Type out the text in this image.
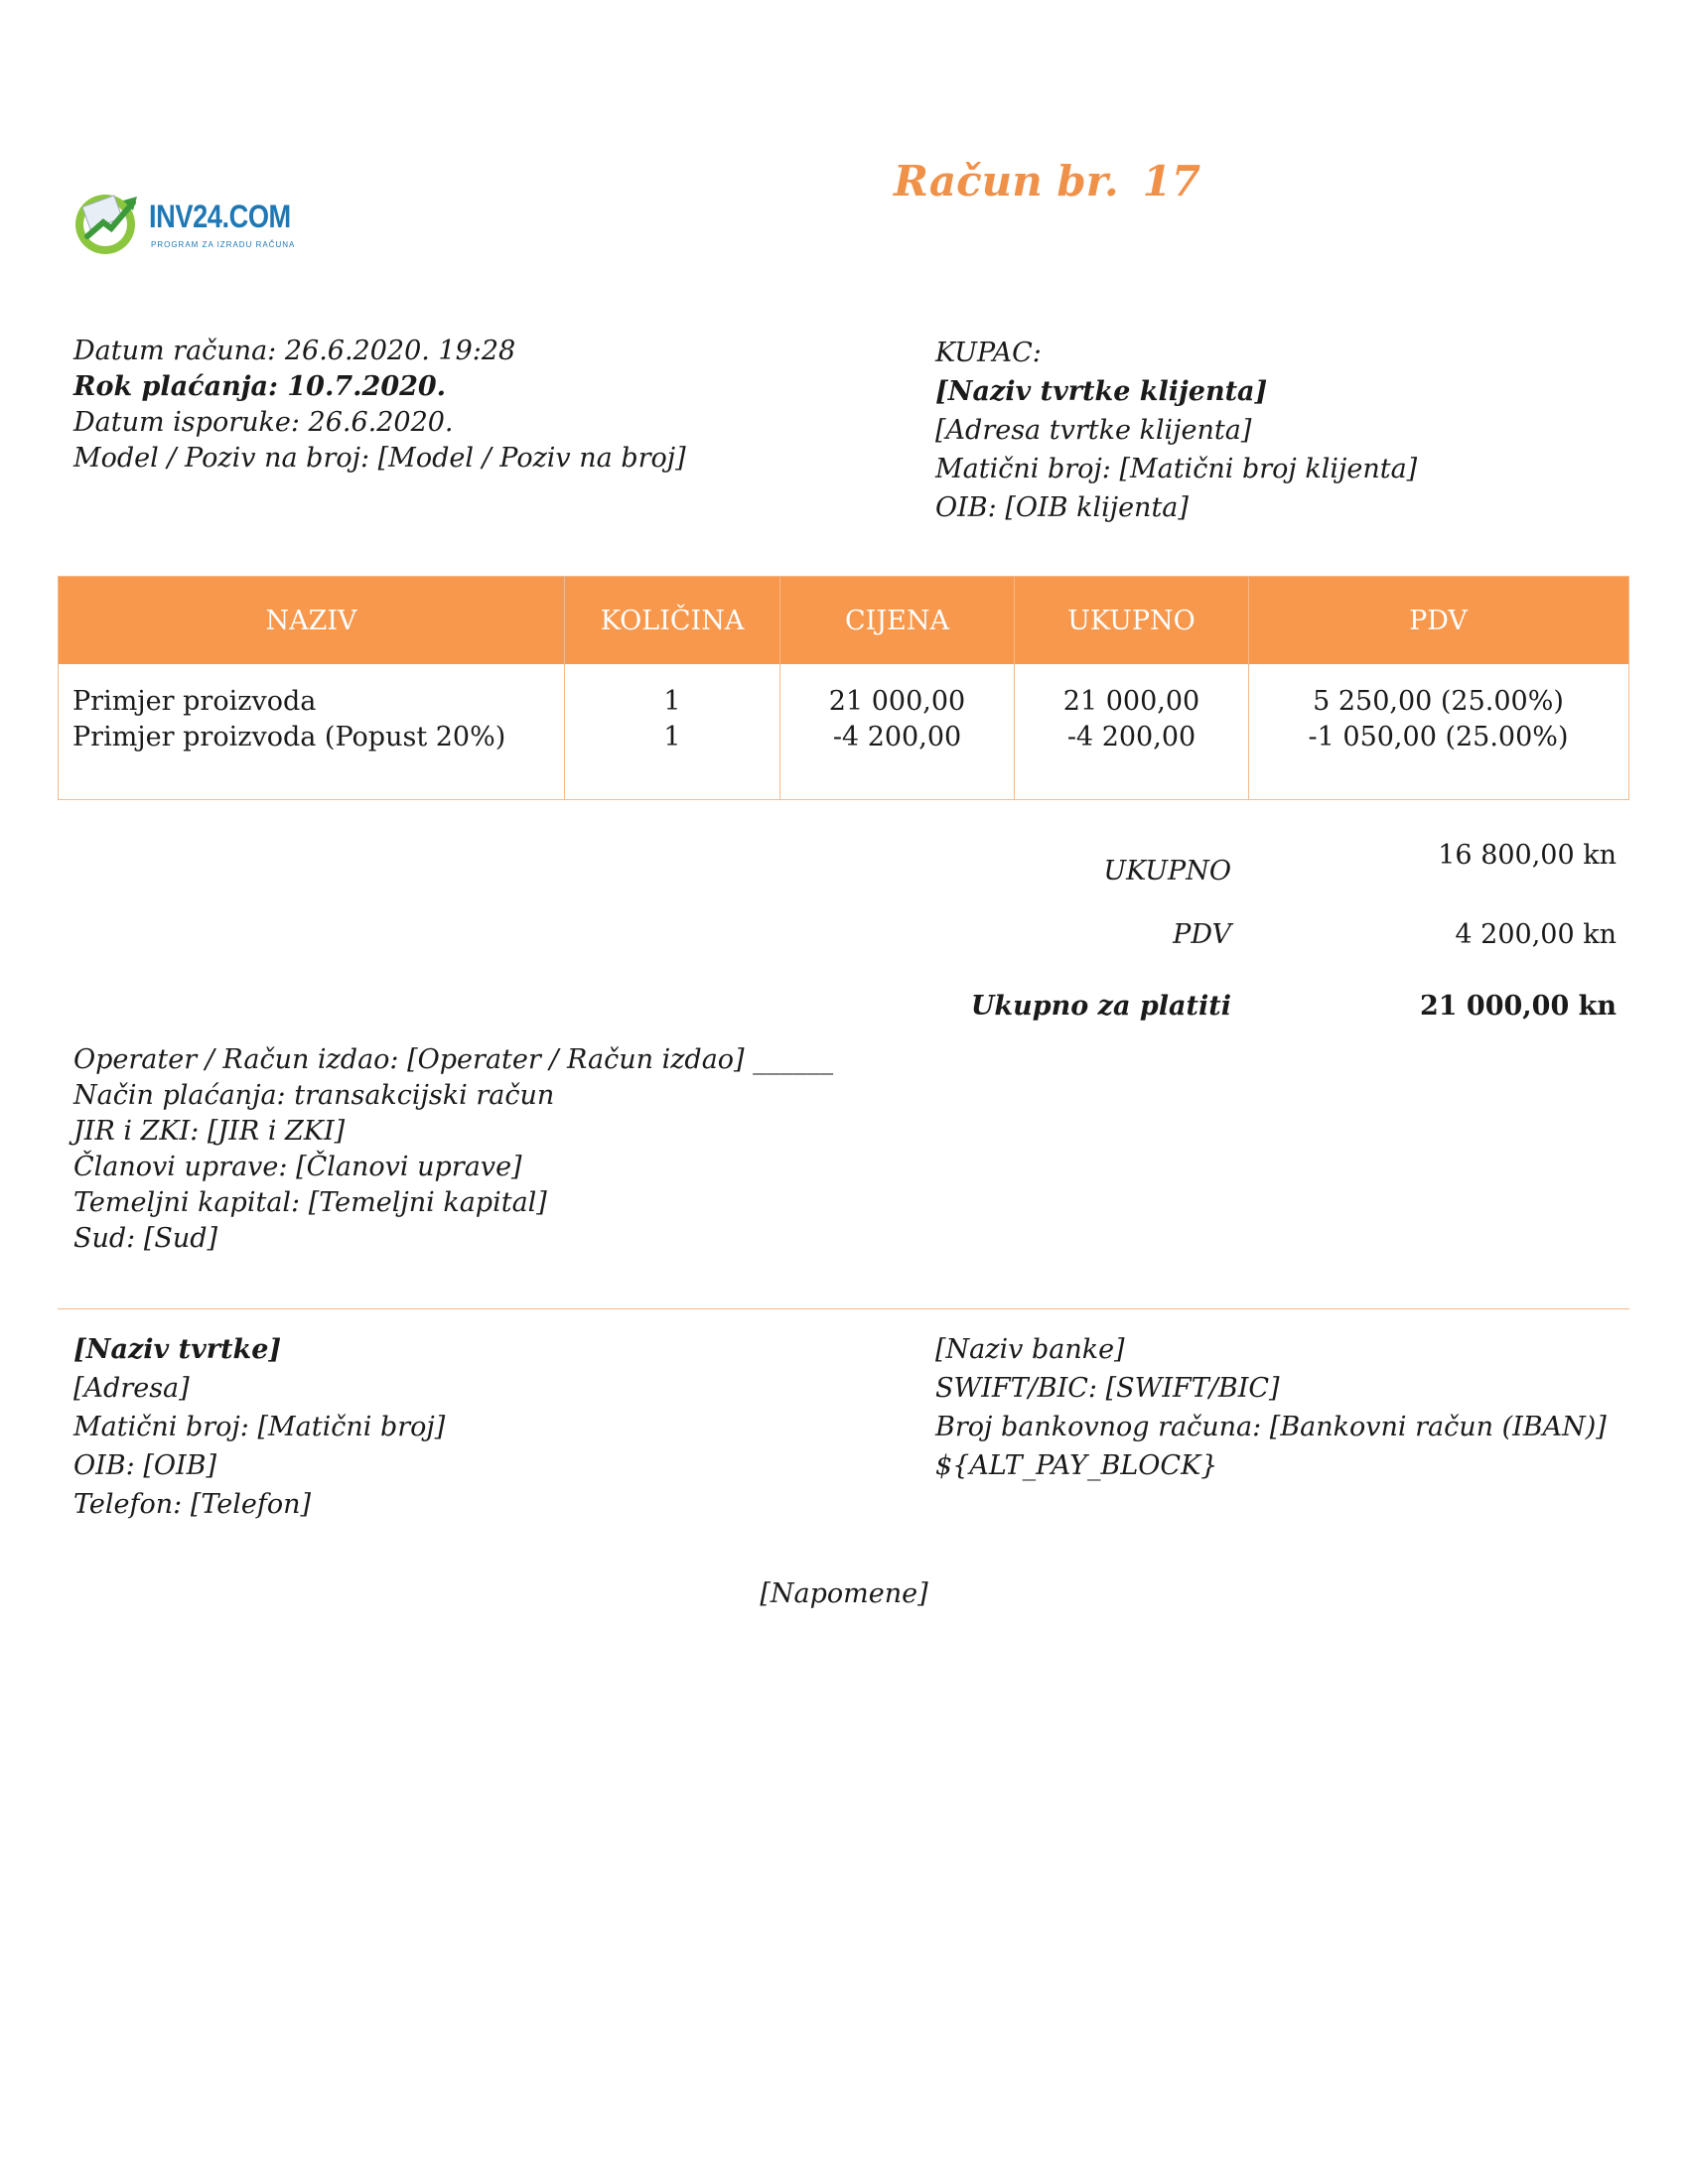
INV24.COM
PROGRAM ZA IZRADU RAČUNA
Račun br. 17
Datum računa: 26.6.2020. 19:28
Rok plaćanja: 10.7.2020.
Datum isporuke: 26.6.2020.
Model / Poziv na broj: [Model / Poziv na broj]
KUPAC:
[Naziv tvrtke klijenta]
[Adresa tvrtke klijenta]
Matični broj: [Matični broj klijenta]
OIB: [OIB klijenta]
NAZIV
Primjer proizvoda
Primjer proizvoda (Popust 20%)
KOLIČINA
1
1
CIJENA
21 000,00
-4 200,00
UKUPNO
21 000,00
-4 200,00
PDV
5 250,00 (25.00%)
-1 050,00 (25.00%)
UKUPNO
16 800,00 kn
PDV	4 200,00 kn
Ukupno za platiti	21 000,00 kn
Operater / Račun izdao: [Operater / Račun izdao] ______
Način plaćanja: transakcijski račun
JIR i ZKI: [JIR i ZKI]
Članovi uprave: [Članovi uprave]
Temeljni kapital: [Temeljni kapital]
Sud: [Sud]
[Naziv tvrtke]
[Adresa]
Matični broj: [Matični broj]
OIB: [OIB]
Telefon: [Telefon]
[Naziv banke]
SWIFT/BIC: [SWIFT/BIC]
Broj bankovnog računa: [Bankovni račun (IBAN)]
${ALT_PAY_BLOCK}
[Napomene]
